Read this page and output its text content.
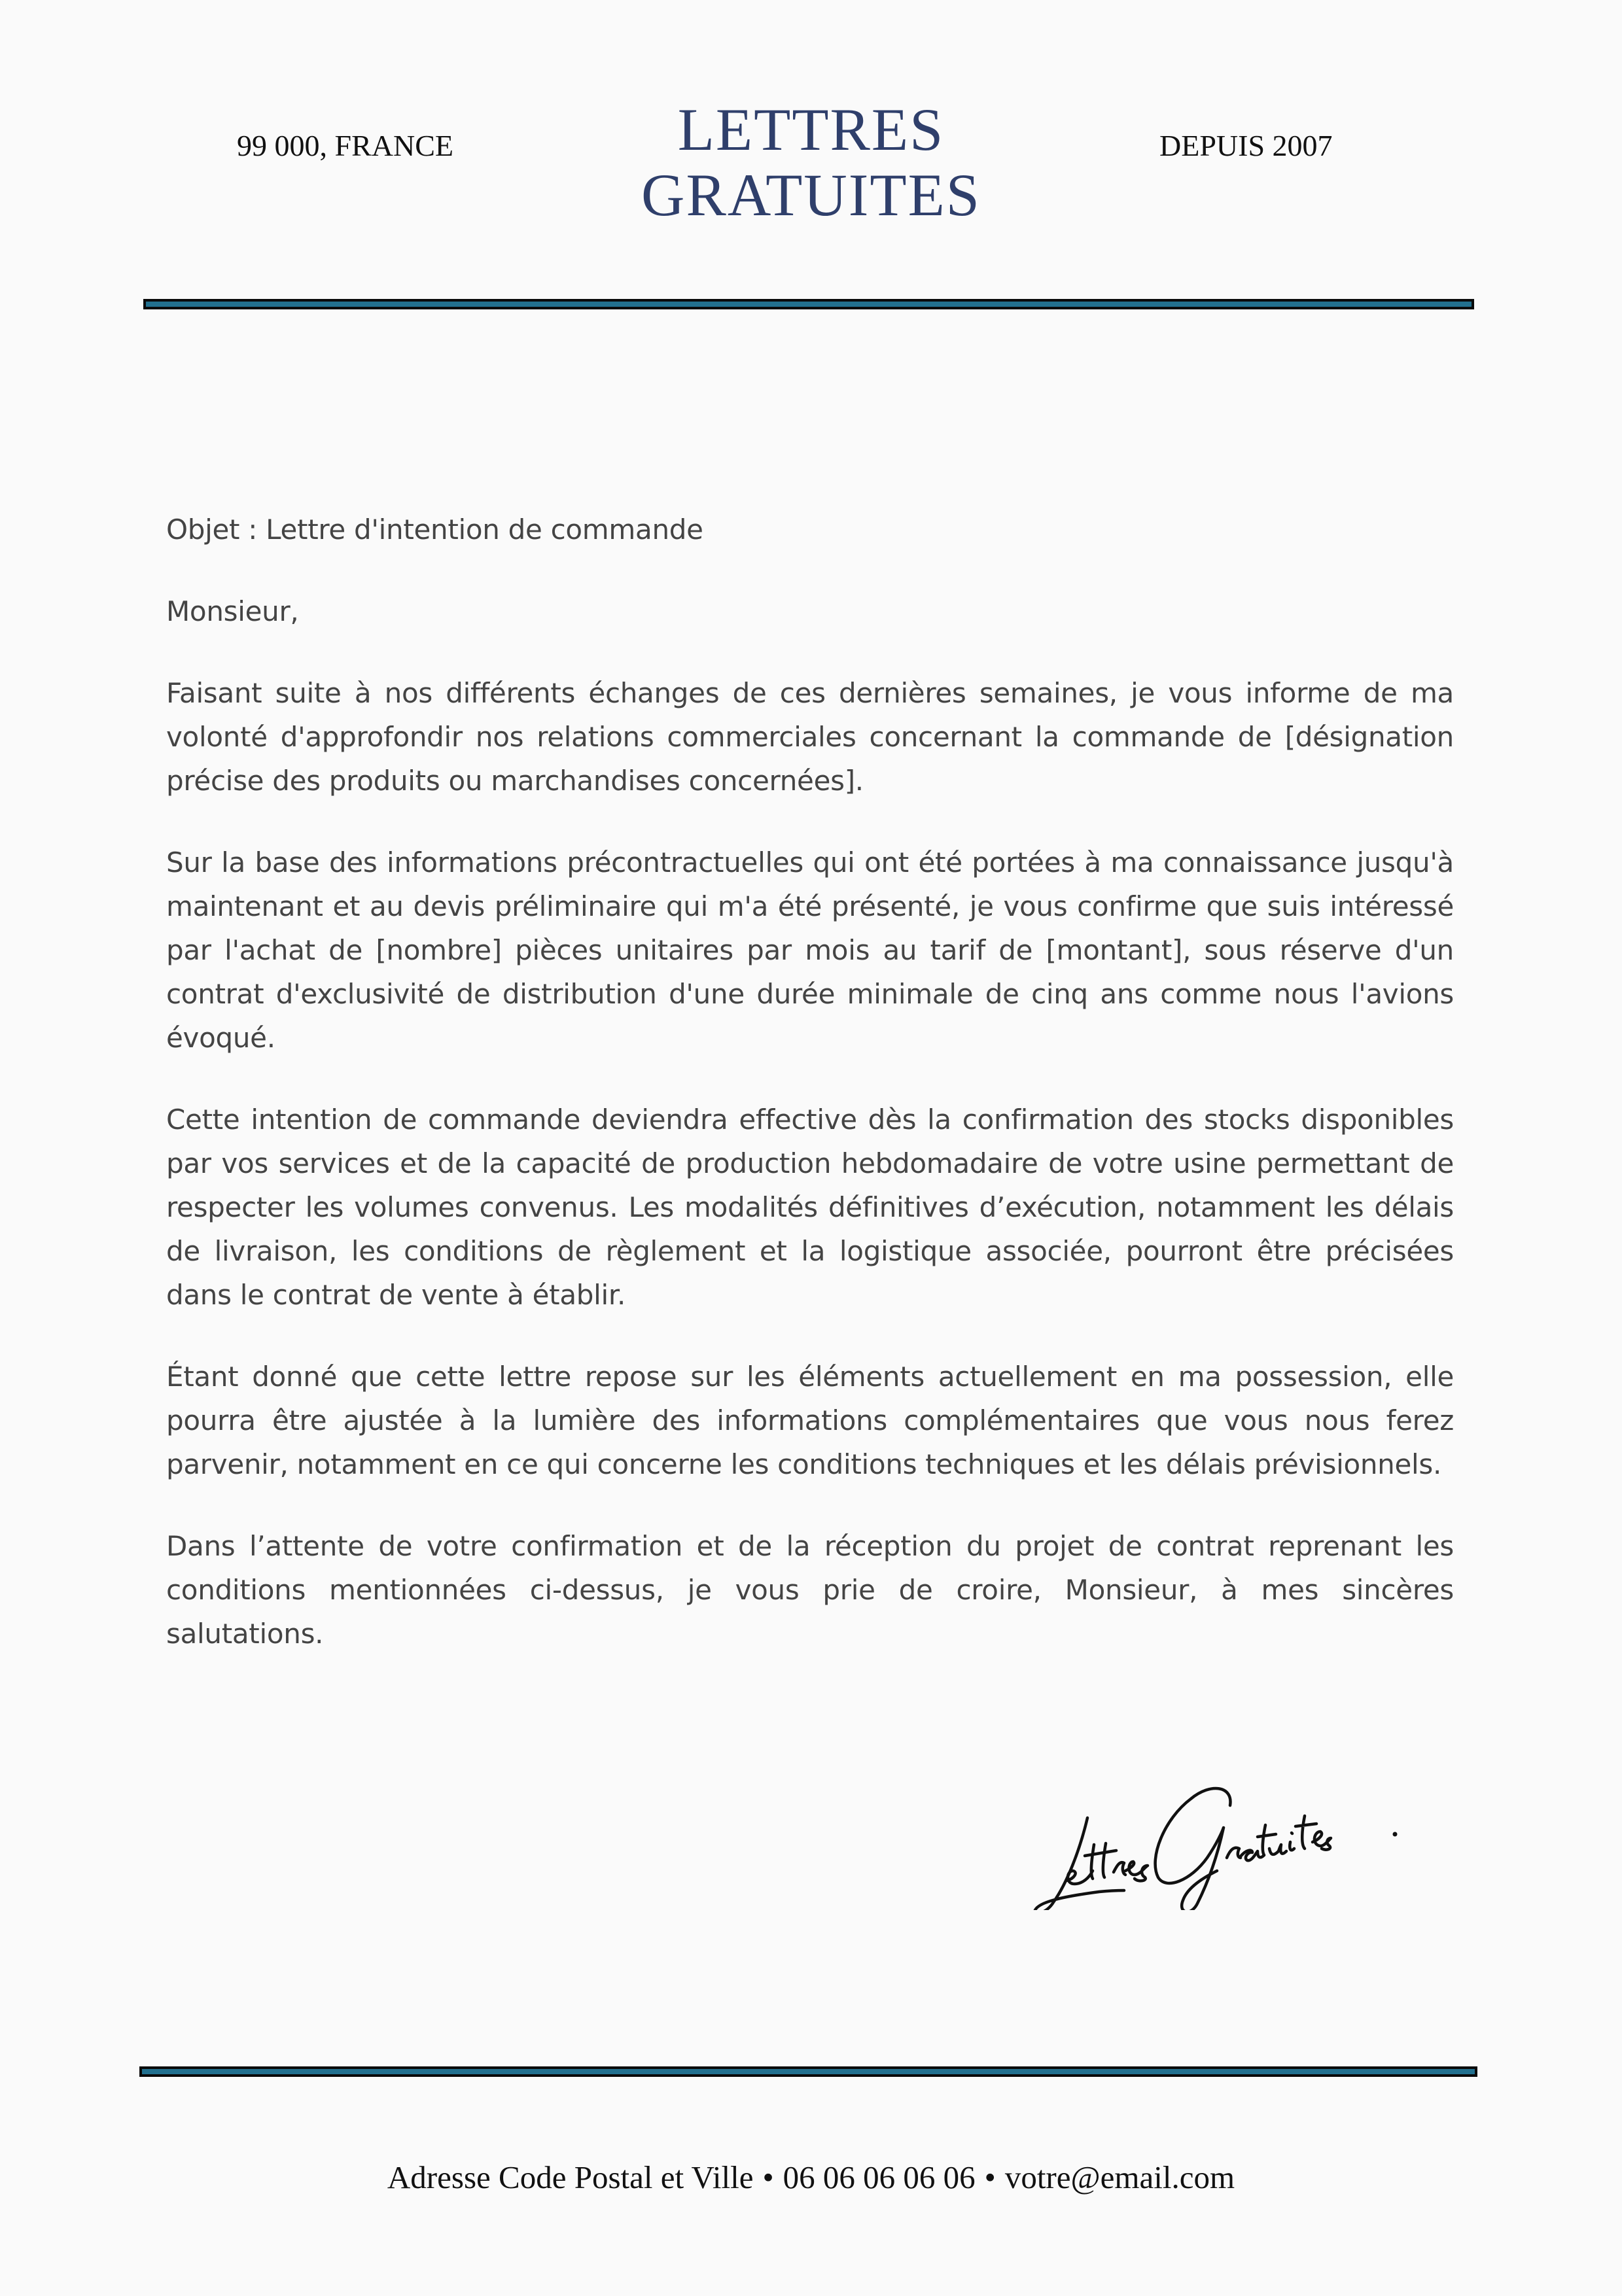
99 000, FRANCE	LETTRES
GRATUITES
DEPUIS 2007

Objet : Lettre d'intention de commande

Monsieur,

Faisant suite à nos différents échanges de ces dernières semaines, je vous informe de ma volonté d'approfondir nos relations commerciales concernant la commande de [désignation précise des produits ou marchandises concernées].

Sur la base des informations précontractuelles qui ont été portées à ma connaissance jusqu'à maintenant et au devis préliminaire qui m'a été présenté, je vous confirme que suis intéressé par l'achat de [nombre] pièces unitaires par mois au tarif de [montant], sous réserve d'un contrat d'exclusivité de distribution d'une durée minimale de cinq ans comme nous l'avions évoqué.

Cette intention de commande deviendra effective dès la confirmation des stocks disponibles par vos services et de la capacité de production hebdomadaire de votre usine permettant de respecter les volumes convenus. Les modalités définitives d’exécution, notamment les délais de livraison, les conditions de règlement et la logistique associée, pourront être précisées dans le contrat de vente à établir.

Étant donné que cette lettre repose sur les éléments actuellement en ma possession, elle pourra être ajustée à la lumière des informations complémentaires que vous nous ferez parvenir, notamment en ce qui concerne les conditions techniques et les délais prévisionnels.

Dans l’attente de votre confirmation et de la réception du projet de contrat reprenant les conditions mentionnées ci-dessus, je vous prie de croire, Monsieur, à mes sincères salutations.

Adresse Code Postal et Ville • 06 06 06 06 06 • votre@email.com
